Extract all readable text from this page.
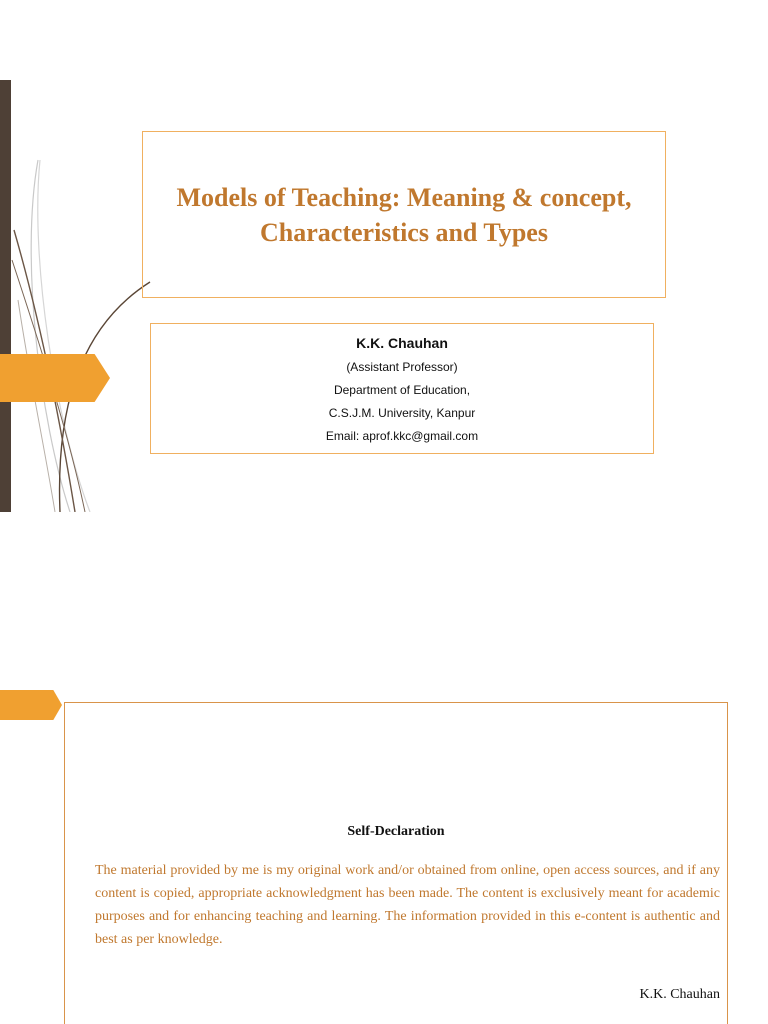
Models of Teaching: Meaning & concept, Characteristics and Types
K.K. Chauhan
(Assistant Professor)
Department of Education,
C.S.J.M. University, Kanpur
Email: aprof.kkc@gmail.com
Self-Declaration
The material provided by me is my original work and/or obtained from online, open access sources, and if any content is copied, appropriate acknowledgment has been made. The content is exclusively meant for academic purposes and for enhancing teaching and learning. The information provided in this e-content is authentic and best as per knowledge.
K.K. Chauhan
